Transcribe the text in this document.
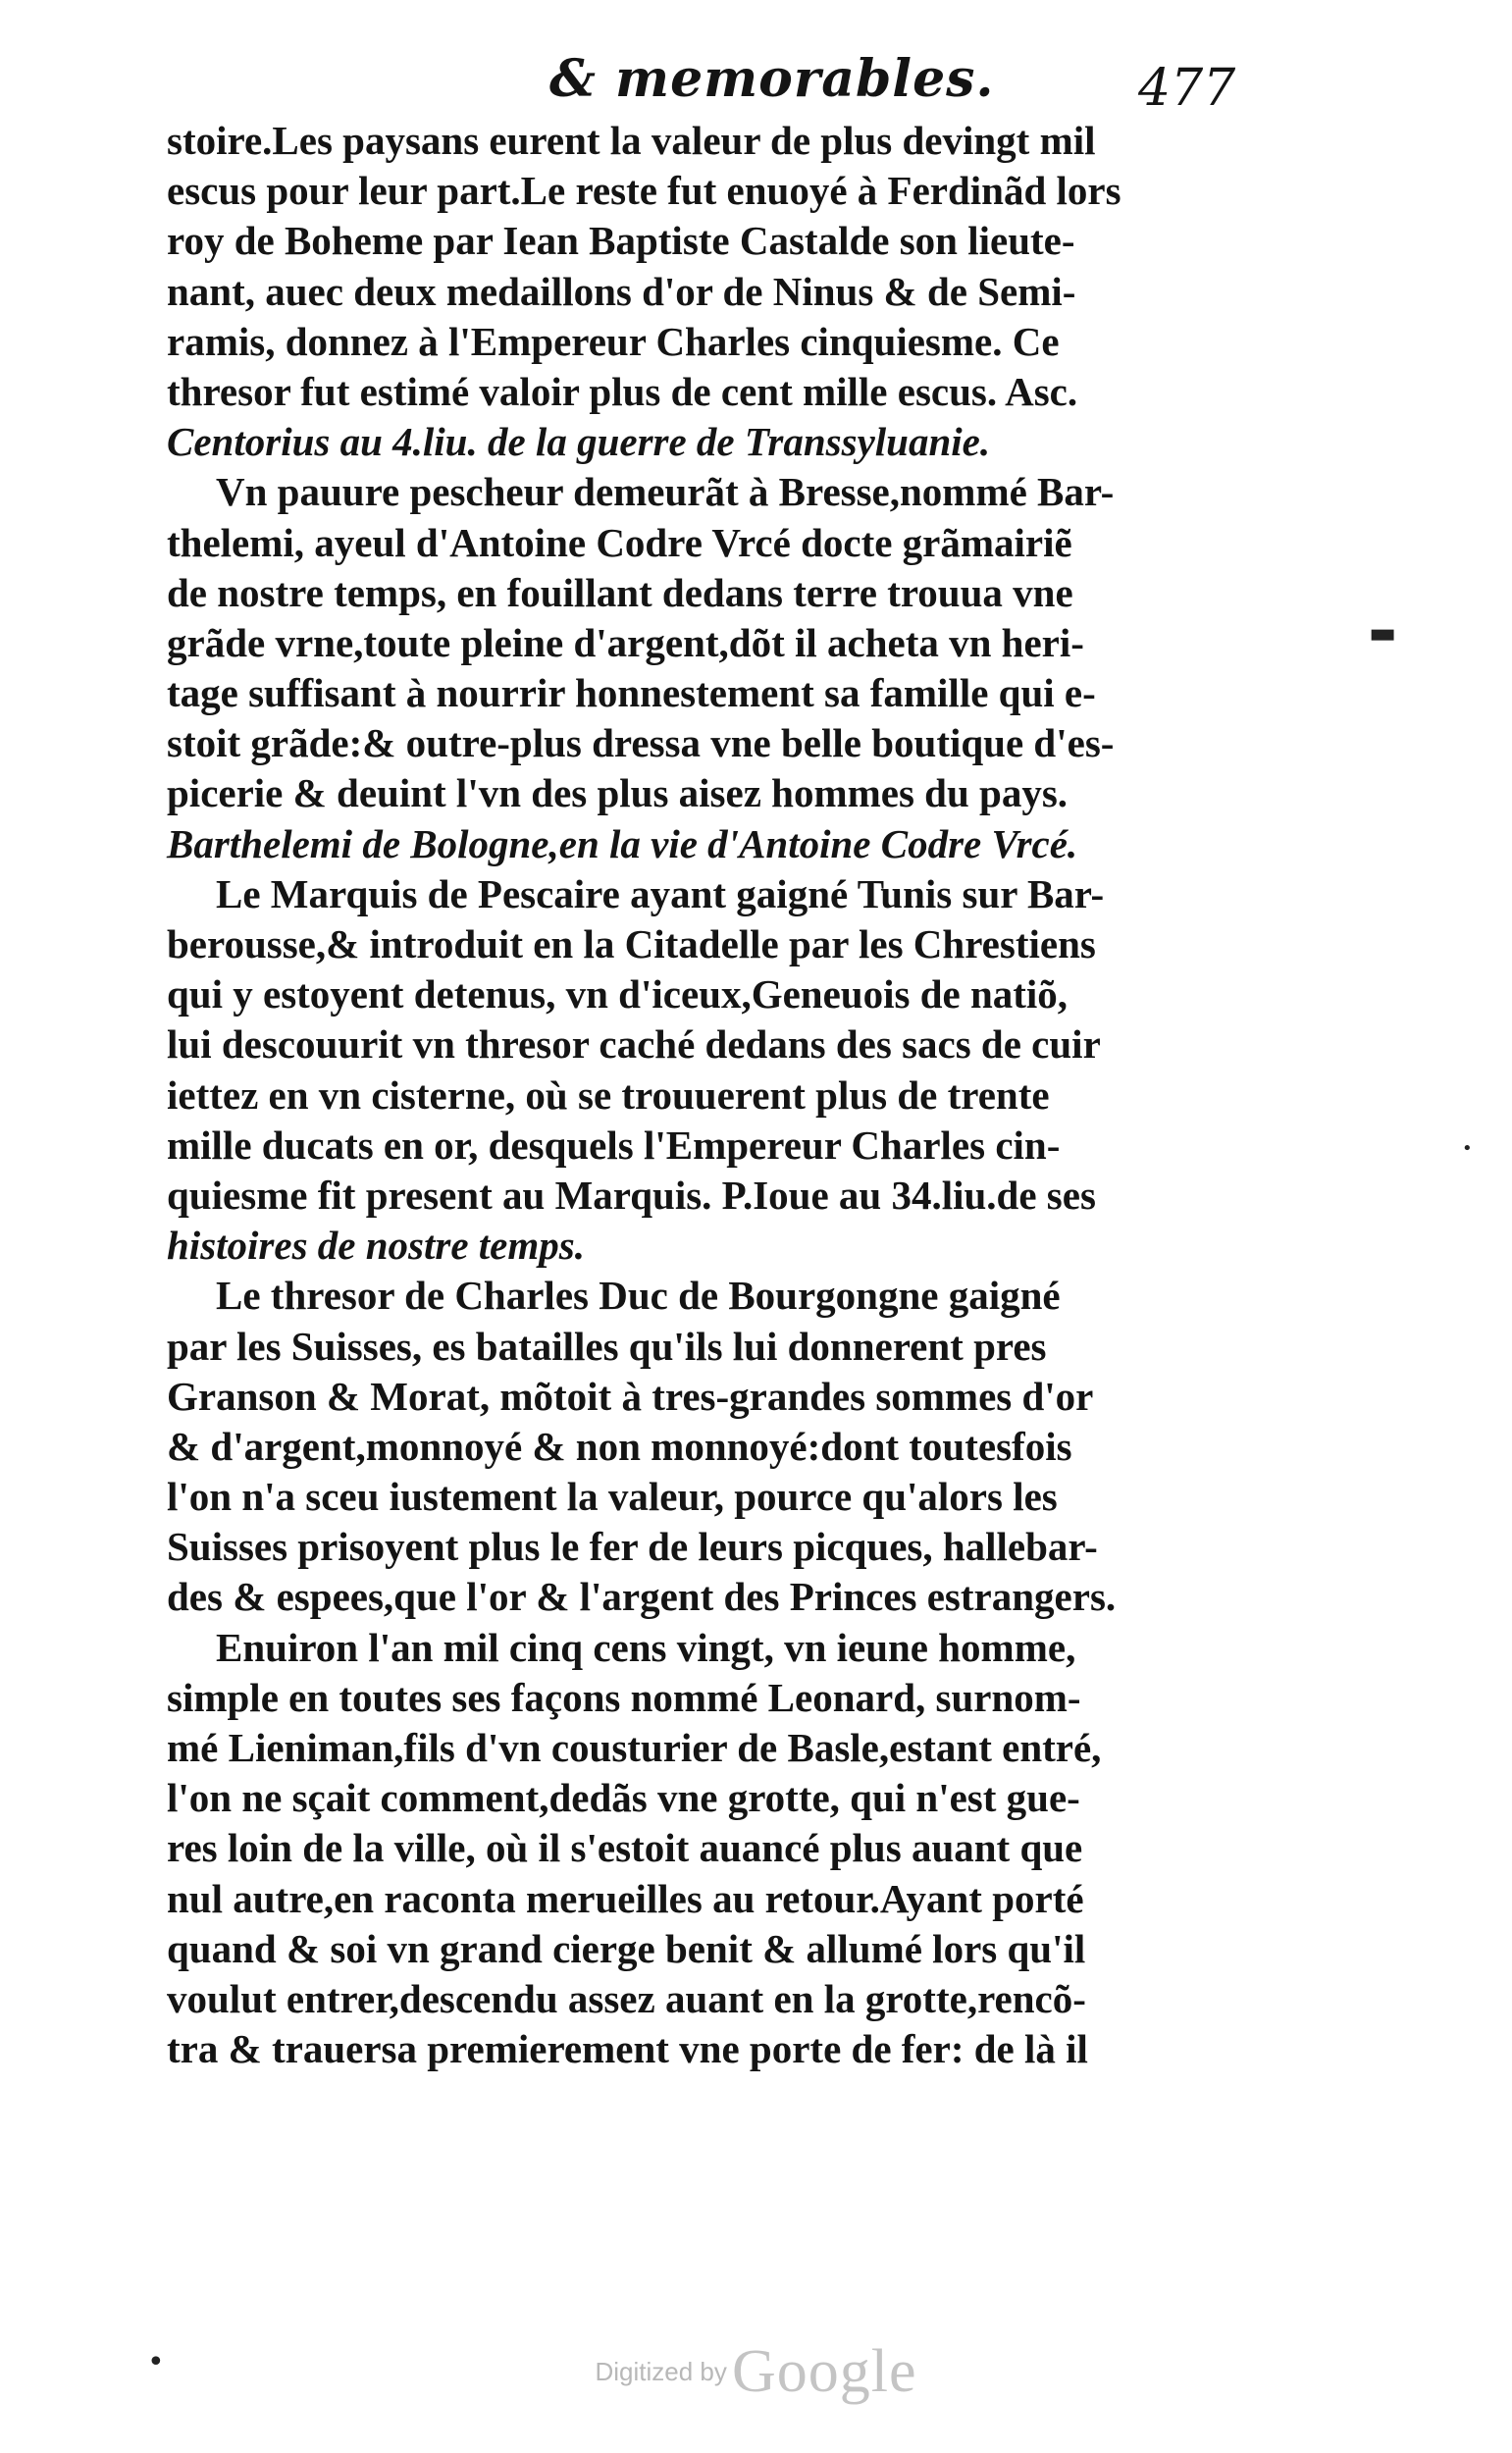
& memorables.	477
stoire.Les paysans eurent la valeur de plus devingt mil
escus pour leur part.Le reste fut enuoyé à Ferdinãd lors
roy de Boheme par Iean Baptiste Castalde son lieute-
nant, auec deux medaillons d'or de Ninus & de Semi-
ramis, donnez à l'Empereur Charles cinquiesme. Ce
thresor fut estimé valoir plus de cent mille escus. Asc.
Centorius au 4.liu. de la guerre de Transsyluanie.
Vn pauure pescheur demeurãt à Bresse,nommé Bar-
thelemi, ayeul d'Antoine Codre Vrcé docte grãmairiẽ
de nostre temps, en fouillant dedans terre trouua vne
grãde vrne,toute pleine d'argent,dõt il acheta vn heri-
tage suffisant à nourrir honnestement sa famille qui e-
stoit grãde:& outre-plus dressa vne belle boutique d'es-
picerie & deuint l'vn des plus aisez hommes du pays.
Barthelemi de Bologne,en la vie d'Antoine Codre Vrcé.
Le Marquis de Pescaire ayant gaigné Tunis sur Bar-
berousse,& introduit en la Citadelle par les Chrestiens
qui y estoyent detenus, vn d'iceux,Geneuois de natiõ,
lui descouurit vn thresor caché dedans des sacs de cuir
iettez en vn cisterne, où se trouuerent plus de trente
mille ducats en or, desquels l'Empereur Charles cin-
quiesme fit present au Marquis. P.Ioue au 34.liu.de ses
histoires de nostre temps.
Le thresor de Charles Duc de Bourgongne gaigné
par les Suisses, es batailles qu'ils lui donnerent pres
Granson & Morat, mõtoit à tres-grandes sommes d'or
& d'argent,monnoyé & non monnoyé:dont toutesfois
l'on n'a sceu iustement la valeur, pource qu'alors les
Suisses prisoyent plus le fer de leurs picques, hallebar-
des & espees,que l'or & l'argent des Princes estrangers.
Enuiron l'an mil cinq cens vingt, vn ieune homme,
simple en toutes ses façons nommé Leonard, surnom-
mé Lieniman,fils d'vn cousturier de Basle,estant entré,
l'on ne sçait comment,dedãs vne grotte, qui n'est gue-
res loin de la ville, où il s'estoit auancé plus auant que
nul autre,en raconta merueilles au retour.Ayant porté
quand & soi vn grand cierge benit & allumé lors qu'il
voulut entrer,descendu assez auant en la grotte,rencõ-
tra & trauersa premierement vne porte de fer: de là il
▬
•
•	Digitized by Google
